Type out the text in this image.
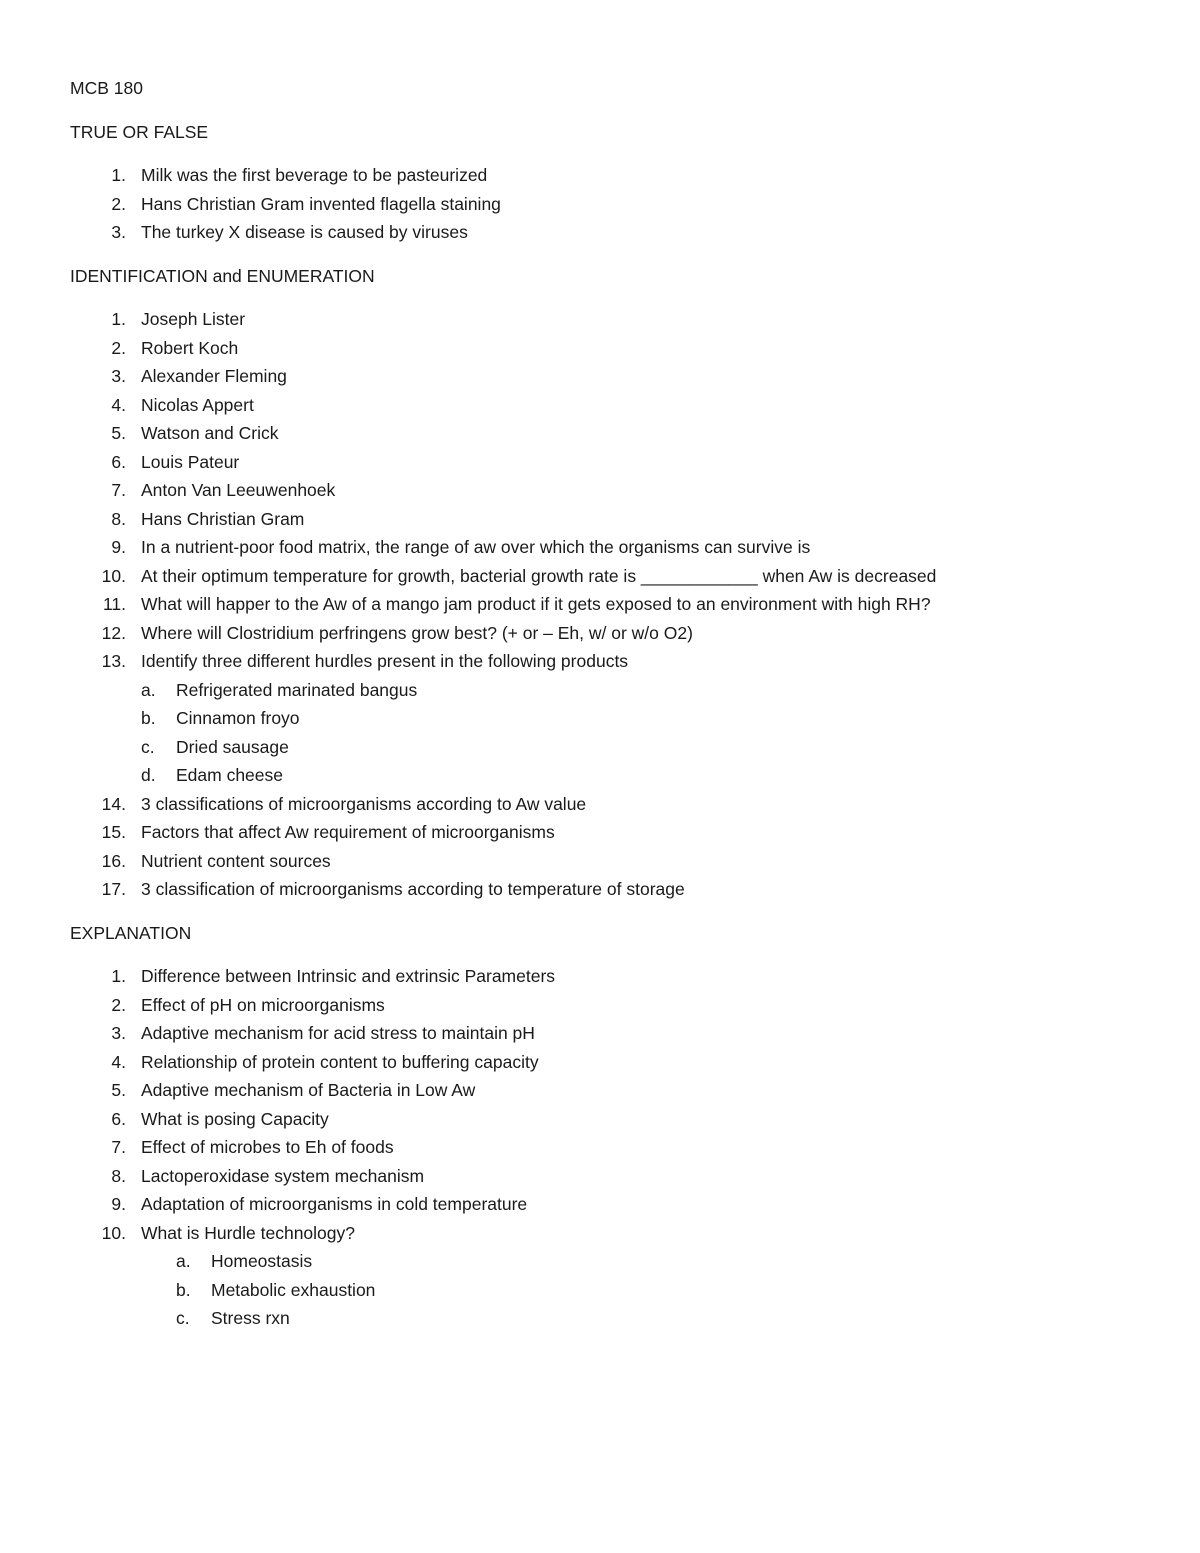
MCB 180
TRUE OR FALSE
1. Milk was the first beverage to be pasteurized
2. Hans Christian Gram invented flagella staining
3. The turkey X disease is caused by viruses
IDENTIFICATION and ENUMERATION
1. Joseph Lister
2. Robert Koch
3. Alexander Fleming
4. Nicolas Appert
5. Watson and Crick
6. Louis Pateur
7. Anton Van Leeuwenhoek
8. Hans Christian Gram
9. In a nutrient-poor food matrix, the range of aw over which the organisms can survive is
10. At their optimum temperature for growth, bacterial growth rate is ____________ when Aw is decreased
11. What will happer to the Aw of a mango jam product if it gets exposed to an environment with high RH?
12. Where will Clostridium perfringens grow best? (+ or – Eh, w/ or w/o O2)
13. Identify three different hurdles present in the following products
a.	Refrigerated marinated bangus
b.	Cinnamon froyo
c.	Dried sausage
d.	Edam cheese
14. 3 classifications of microorganisms according to Aw value
15. Factors that affect Aw requirement of microorganisms
16. Nutrient content sources
17. 3 classification of microorganisms according to temperature of storage
EXPLANATION
1. Difference between Intrinsic and extrinsic Parameters
2. Effect of pH on microorganisms
3. Adaptive mechanism for acid stress to maintain pH
4. Relationship of protein content to buffering capacity
5. Adaptive mechanism of Bacteria in Low Aw
6. What is posing Capacity
7. Effect of microbes to Eh of foods
8. Lactoperoxidase system mechanism
9. Adaptation of microorganisms in cold temperature
10. What is Hurdle technology?
a.	Homeostasis
b.	Metabolic exhaustion
c.	Stress rxn
